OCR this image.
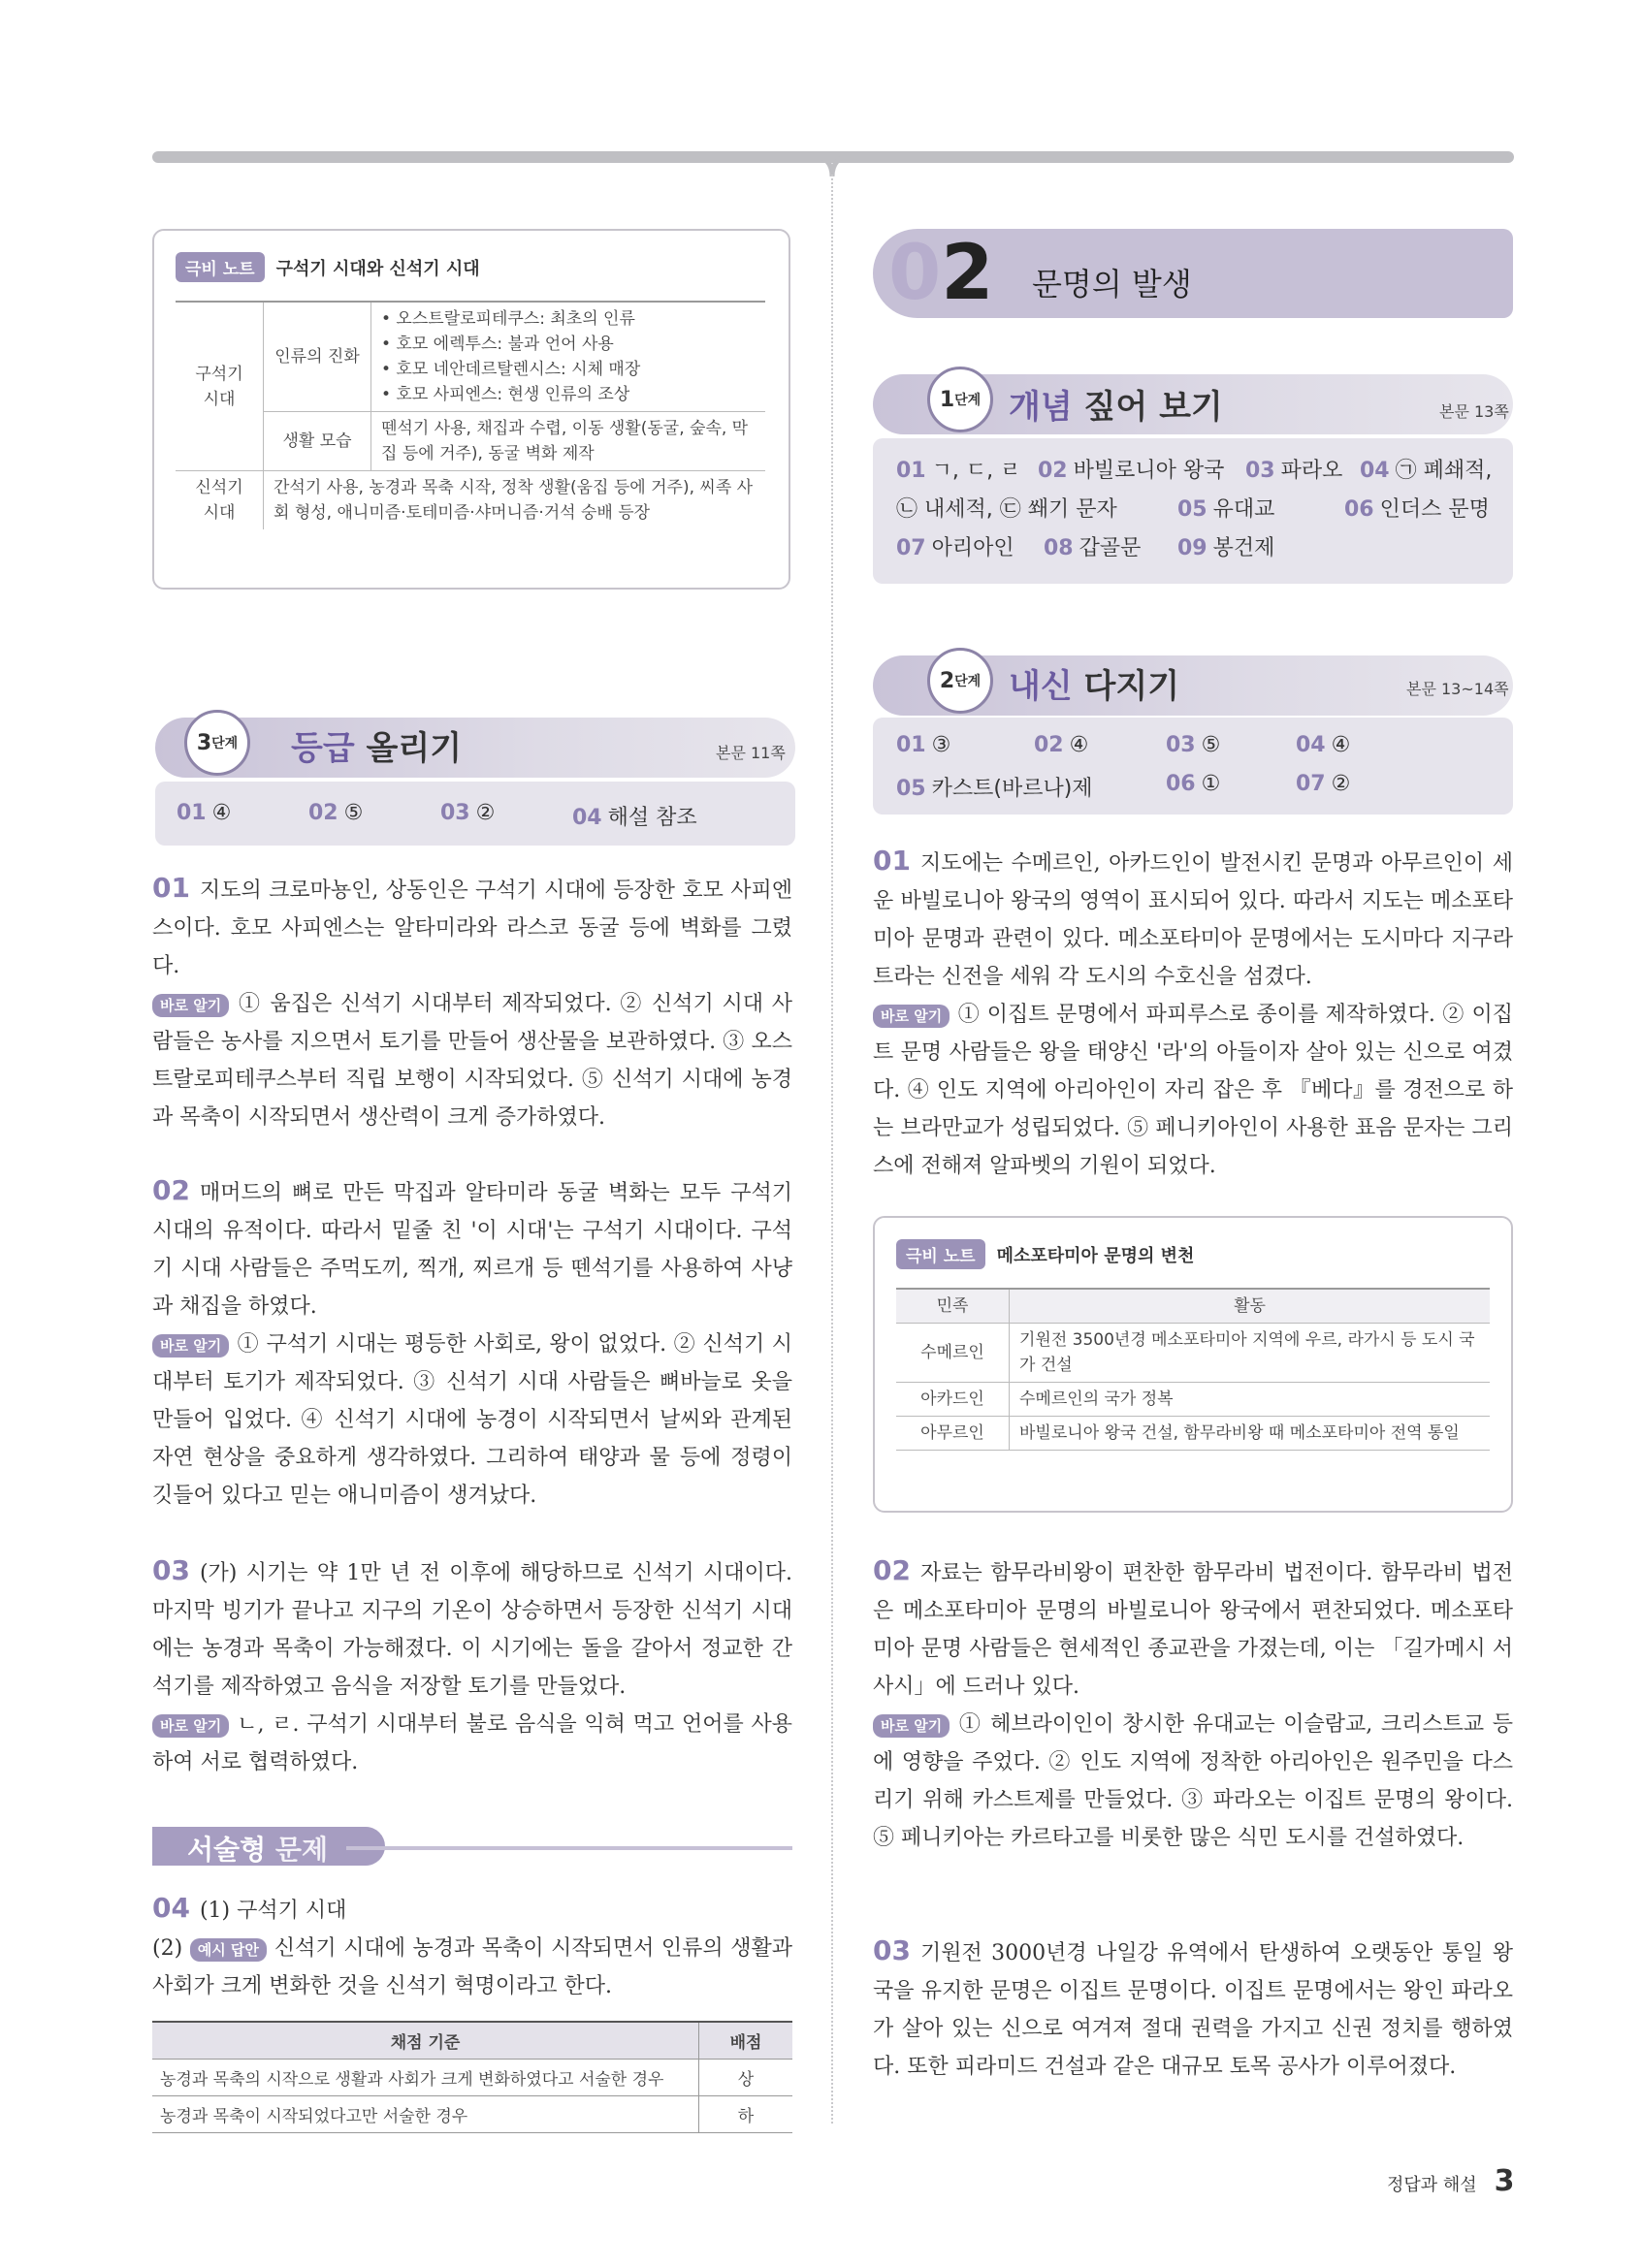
극비 노트	구석기 시대와 신석기 시대
구석기 시대	인류의 진화	• 오스트랄로피테쿠스: 최초의 인류
• 호모 에렉투스: 불과 언어 사용
• 호모 네안데르탈렌시스: 시체 매장
• 호모 사피엔스: 현생 인류의 조상

	생활 모습	뗀석기 사용, 채집과 수렵, 이동 생활(동굴, 숲속, 막집 등에 거주), 동굴 벽화 제작
신석기 시대	간석기 사용, 농경과 목축 시작, 정착 생활(움집 등에 거주), 씨족 사회 형성, 애니미즘·토테미즘·샤머니즘·거석 숭배 등장	
3 단계 등급 올리기	본문 11쪽
01 ④	02 ⑤	03 ②	04 해설 참조
01 지도의 크로마뇽인, 상동인은 구석기 시대에 등장한 호모 사피엔스이다. 호모 사피엔스는 알타미라와 라스코 동굴 등에 벽화를 그렸다.
바로 알기 ① 움집은 신석기 시대부터 제작되었다. ② 신석기 시대 사람들은 농사를 지으면서 토기를 만들어 생산물을 보관하였다. ③ 오스트랄로피테쿠스부터 직립 보행이 시작되었다. ⑤ 신석기 시대에 농경과 목축이 시작되면서 생산력이 크게 증가하였다.
02 매머드의 뼈로 만든 막집과 알타미라 동굴 벽화는 모두 구석기 시대의 유적이다. 따라서 밑줄 친 '이 시대'는 구석기 시대이다. 구석기 시대 사람들은 주먹도끼, 찍개, 찌르개 등 뗀석기를 사용하여 사냥과 채집을 하였다.
바로 알기 ① 구석기 시대는 평등한 사회로, 왕이 없었다. ② 신석기 시대부터 토기가 제작되었다. ③ 신석기 시대 사람들은 뼈바늘로 옷을 만들어 입었다. ④ 신석기 시대에 농경이 시작되면서 날씨와 관계된 자연 현상을 중요하게 생각하였다. 그리하여 태양과 물 등에 정령이 깃들어 있다고 믿는 애니미즘이 생겨났다.
03 (가) 시기는 약 1만 년 전 이후에 해당하므로 신석기 시대이다. 마지막 빙기가 끝나고 지구의 기온이 상승하면서 등장한 신석기 시대에는 농경과 목축이 가능해졌다. 이 시기에는 돌을 갈아서 정교한 간석기를 제작하였고 음식을 저장할 토기를 만들었다.
바로 알기 ㄴ, ㄹ. 구석기 시대부터 불로 음식을 익혀 먹고 언어를 사용하여 서로 협력하였다.
서술형 문제
04 (1) 구석기 시대
(2) 예시 답안 신석기 시대에 농경과 목축이 시작되면서 인류의 생활과 사회가 크게 변화한 것을 신석기 혁명이라고 한다.
채점 기준	배점
농경과 목축의 시작으로 생활과 사회가 크게 변화하였다고 서술한 경우	상
농경과 목축이 시작되었다고만 서술한 경우	하
02 문명의 발생
1 단계 개념 짚어 보기	본문 13쪽
01 ㄱ, ㄷ, ㄹ 02 바빌로니아 왕국 03 파라오 04 ㉠ 폐쇄적,
㉡ 내세적, ㉢ 쐐기 문자	05 유대교	06 인더스 문명
07 아리아인 08 갑골문 09 봉건제
2 단계 내신 다지기	본문 13~14쪽
01 ③	02 ④	03 ⑤	04 ④
05 카스트(바르나)제	06 ①	07 ②
01 지도에는 수메르인, 아카드인이 발전시킨 문명과 아무르인이 세운 바빌로니아 왕국의 영역이 표시되어 있다. 따라서 지도는 메소포타미아 문명과 관련이 있다. 메소포타미아 문명에서는 도시마다 지구라트라는 신전을 세워 각 도시의 수호신을 섬겼다.
바로 알기 ① 이집트 문명에서 파피루스로 종이를 제작하였다. ② 이집트 문명 사람들은 왕을 태양신 '라'의 아들이자 살아 있는 신으로 여겼다. ④ 인도 지역에 아리아인이 자리 잡은 후 『베다』를 경전으로 하는 브라만교가 성립되었다. ⑤ 페니키아인이 사용한 표음 문자는 그리스에 전해져 알파벳의 기원이 되었다.
극비 노트	메소포타미아 문명의 변천
민족	활동
수메르인	기원전 3500년경 메소포타미아 지역에 우르, 라가시 등 도시 국가 건설
아카드인	수메르인의 국가 정복
아무르인	바빌로니아 왕국 건설, 함무라비왕 때 메소포타미아 전역 통일
02 자료는 함무라비왕이 편찬한 함무라비 법전이다. 함무라비 법전은 메소포타미아 문명의 바빌로니아 왕국에서 편찬되었다. 메소포타미아 문명 사람들은 현세적인 종교관을 가졌는데, 이는 「길가메시 서사시」에 드러나 있다.
바로 알기 ① 헤브라이인이 창시한 유대교는 이슬람교, 크리스트교 등에 영향을 주었다. ② 인도 지역에 정착한 아리아인은 원주민을 다스리기 위해 카스트제를 만들었다. ③ 파라오는 이집트 문명의 왕이다. ⑤ 페니키아는 카르타고를 비롯한 많은 식민 도시를 건설하였다.
03 기원전 3000년경 나일강 유역에서 탄생하여 오랫동안 통일 왕국을 유지한 문명은 이집트 문명이다. 이집트 문명에서는 왕인 파라오가 살아 있는 신으로 여겨져 절대 권력을 가지고 신권 정치를 행하였다. 또한 피라미드 건설과 같은 대규모 토목 공사가 이루어졌다.
정답과 해설 3
